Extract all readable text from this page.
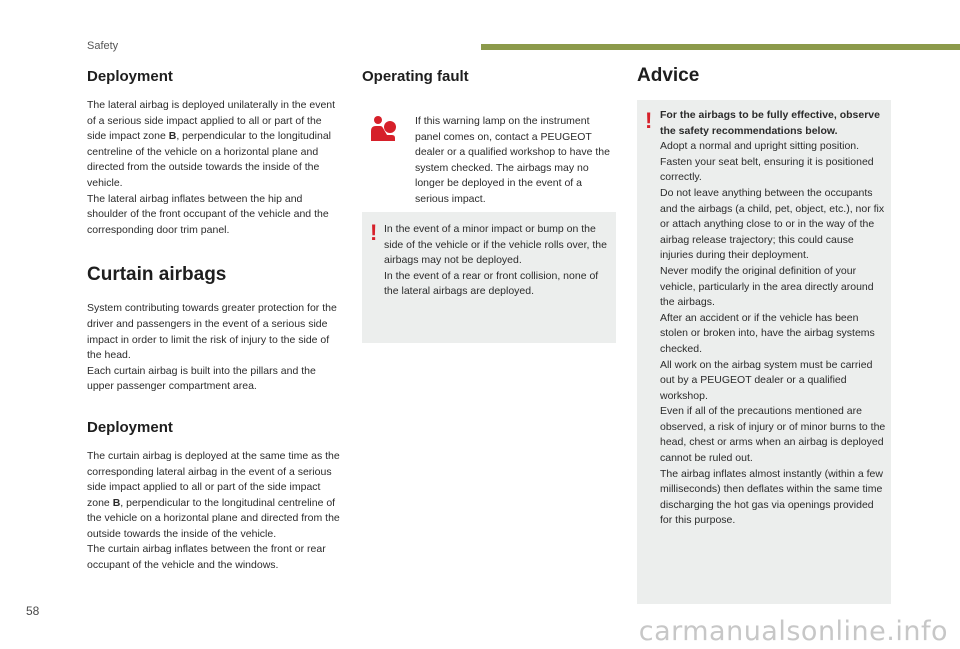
Safety
Deployment

The lateral airbag is deployed unilaterally in the event of a serious side impact applied to all or part of the side impact zone B, perpendicular to the longitudinal centreline of the vehicle on a horizontal plane and directed from the outside towards the inside of the vehicle.
The lateral airbag inflates between the hip and shoulder of the front occupant of the vehicle and the corresponding door trim panel.

Curtain airbags

System contributing towards greater protection for the driver and passengers in the event of a serious side impact in order to limit the risk of injury to the side of the head.
Each curtain airbag is built into the pillars and the upper passenger compartment area.

Deployment

The curtain airbag is deployed at the same time as the corresponding lateral airbag in the event of a serious side impact applied to all or part of the side impact zone B, perpendicular to the longitudinal centreline of the vehicle on a horizontal plane and directed from the outside towards the inside of the vehicle.
The curtain airbag inflates between the front or rear occupant of the vehicle and the windows.

Operating fault

If this warning lamp on the instrument panel comes on, contact a PEUGEOT dealer or a qualified workshop to have the system checked. The airbags may no longer be deployed in the event of a serious impact.

! In the event of a minor impact or bump on the side of the vehicle or if the vehicle rolls over, the airbags may not be deployed.
In the event of a rear or front collision, none of the lateral airbags are deployed.

Advice
! For the airbags to be fully effective, observe the safety recommendations below.

Adopt a normal and upright sitting position.
Fasten your seat belt, ensuring it is positioned correctly.
Do not leave anything between the occupants and the airbags (a child, pet, object, etc.), nor fix or attach anything close to or in the way of the airbag release trajectory; this could cause injuries during their deployment.
Never modify the original definition of your vehicle, particularly in the area directly around the airbags.
After an accident or if the vehicle has been stolen or broken into, have the airbag systems checked.
All work on the airbag system must be carried out by a PEUGEOT dealer or a qualified workshop.
Even if all of the precautions mentioned are observed, a risk of injury or of minor burns to the head, chest or arms when an airbag is deployed cannot be ruled out.
The airbag inflates almost instantly (within a few milliseconds) then deflates within the same time discharging the hot gas via openings provided for this purpose.

58
carmanualsonline.info
